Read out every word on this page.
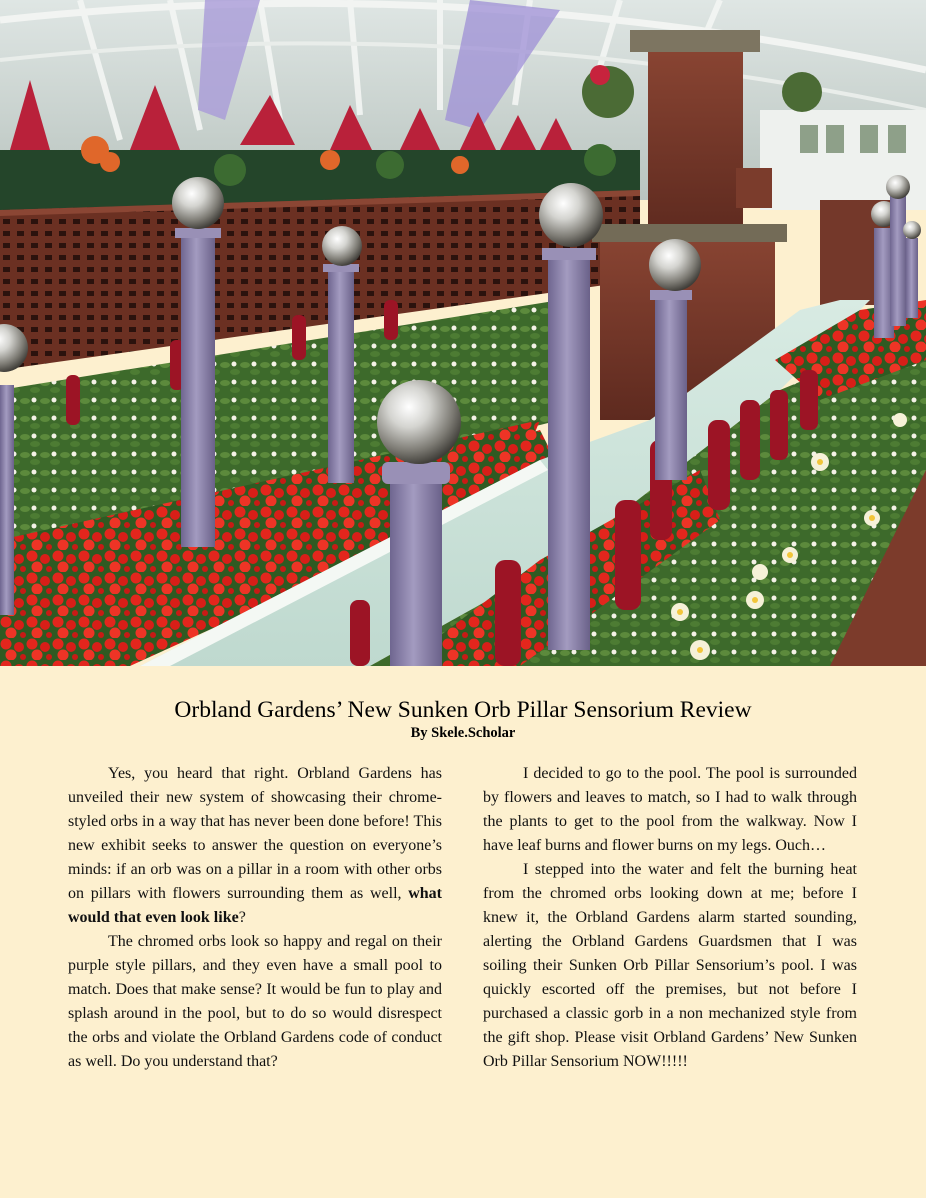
Orbland Gardens’ New Sunken Orb Pillar Sensorium Review
By Skele.Scholar

Yes, you heard that right. Orbland Gardens has unveiled their new system of showcasing their chrome-styled orbs in a way that has never been done before! This new exhibit seeks to answer the question on everyone’s minds: if an orb was on a pillar in a room with other orbs on pillars with flowers surrounding them as well, what would that even look like?

The chromed orbs look so happy and regal on their purple style pillars, and they even have a small pool to match. Does that make sense? It would be fun to play and splash around in the pool, but to do so would disrespect the orbs and violate the Orbland Gardens code of conduct as well. Do you understand that?

I decided to go to the pool. The pool is surrounded by flowers and leaves to match, so I had to walk through the plants to get to the pool from the walkway. Now I have leaf burns and flower burns on my legs. Ouch…

I stepped into the water and felt the burning heat from the chromed orbs looking down at me; before I knew it, the Orbland Gardens alarm started sounding, alerting the Orbland Gardens Guardsmen that I was soiling their Sunken Orb Pillar Sensorium’s pool. I was quickly escorted off the premises, but not before I purchased a classic gorb in a non mechanized style from the gift shop. Please visit Orbland Gardens’ New Sunken Orb Pillar Sensorium NOW!!!!!
